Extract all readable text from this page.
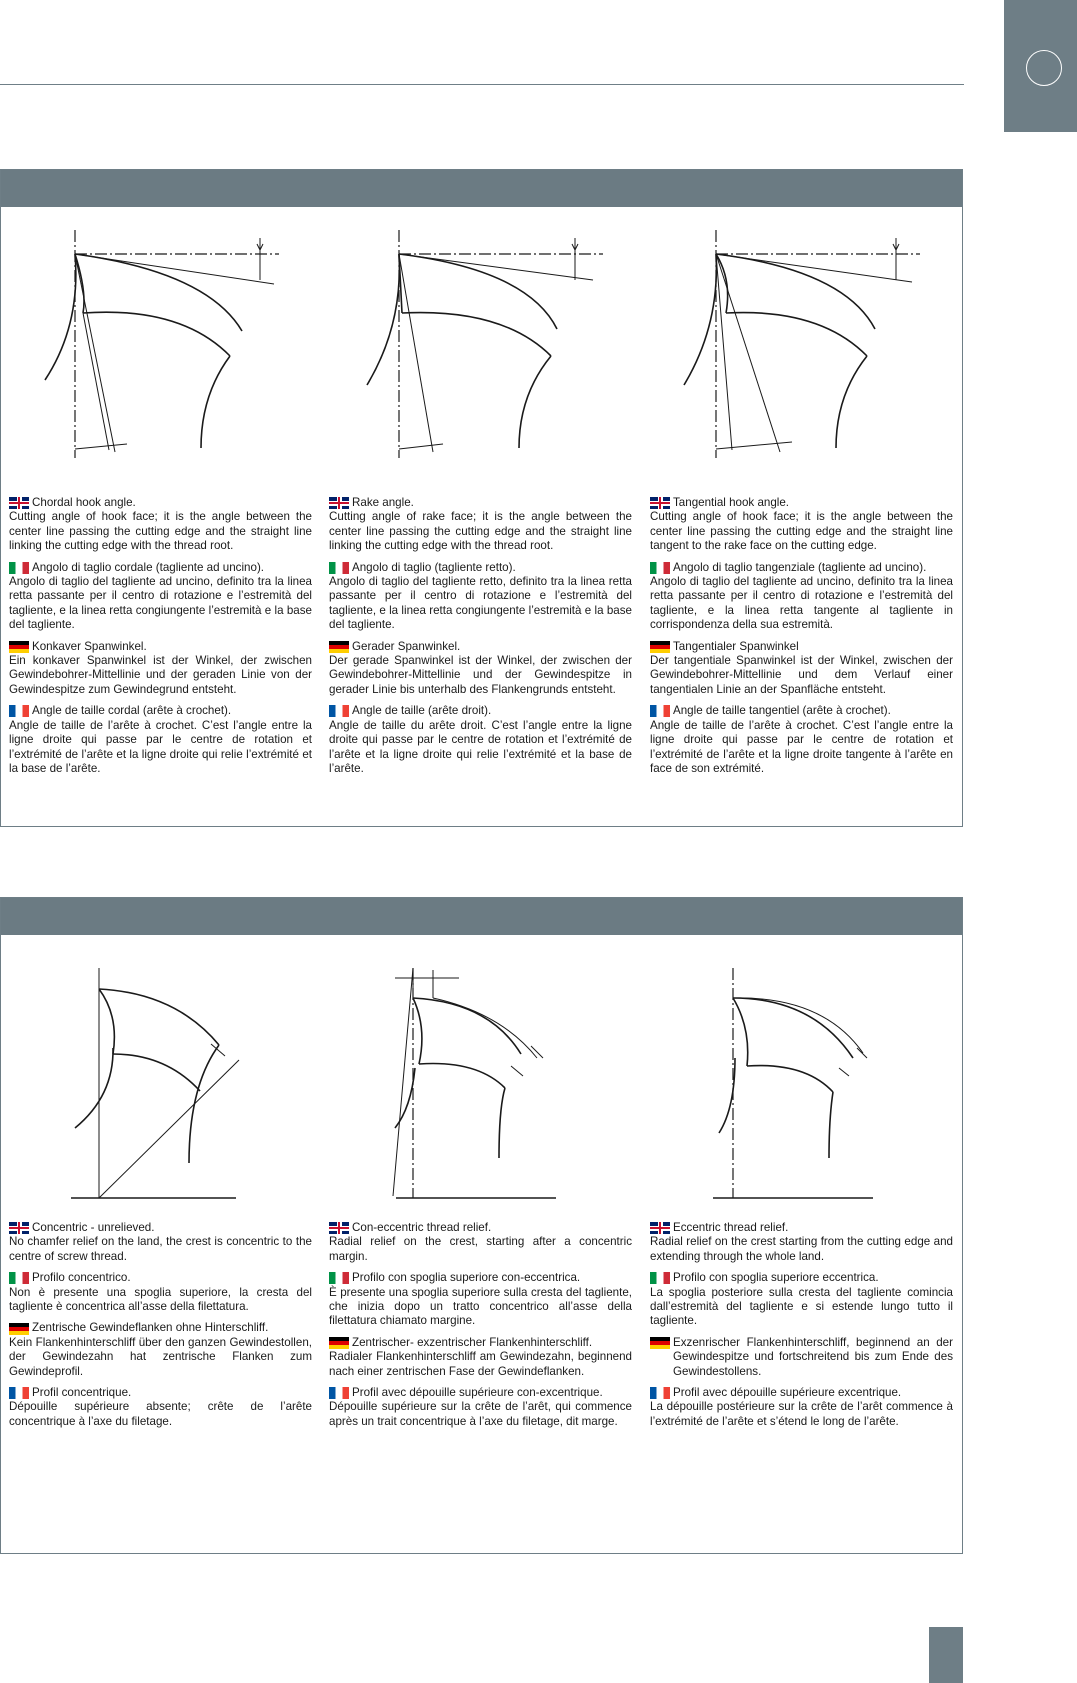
Chordal hook angle.
Cutting angle of hook face; it is the angle between the center line passing the cutting edge and the straight line linking the cutting edge with the thread root.
Angolo di taglio cordale (tagliente ad uncino).
Angolo di taglio del tagliente ad uncino, definito tra la linea retta passante per il centro di rotazione e l’estremità del tagliente, e la linea retta congiungente l’estremità e la base del tagliente.
Konkaver Spanwinkel.
Ein konkaver Spanwinkel ist der Winkel, der zwischen Gewindebohrer-Mittellinie und der geraden Linie von der Gewindespitze zum Gewindegrund entsteht.
Angle de taille cordal (arête à crochet).
Angle de taille de l’arête à crochet. C’est l’angle entre la ligne droite qui passe par le centre de rotation et l’extrémité de l’arête et la ligne droite qui relie l’extrémité et la base de l’arête.
Rake angle.
Cutting angle of rake face; it is the angle between the center line passing the cutting edge and the straight line linking the cutting edge with the thread root.
Angolo di taglio (tagliente retto).
Angolo di taglio del tagliente retto, definito tra la linea retta passante per il centro di rotazione e l’estremità del tagliente, e la linea retta congiungente l’estremità e la base del tagliente.
Gerader Spanwinkel.
Der gerade Spanwinkel ist der Winkel, der zwischen der Gewindebohrer-Mittellinie und der Gewindespitze in gerader Linie bis unterhalb des Flankengrunds entsteht.
Angle de taille (arête droit).
Angle de taille du arête droit. C’est l’angle entre la ligne droite qui passe par le centre de rotation et l’extrémité de l’arête et la ligne droite qui relie l’extrémité et la base de l’arête.
Tangential hook angle.
Cutting angle of hook face; it is the angle between the center line passing the cutting edge and the straight line tangent to the rake face on the cutting edge.
Angolo di taglio tangenziale (tagliente ad uncino).
Angolo di taglio del tagliente ad uncino, definito tra la linea retta passante per il centro di rotazione e l’estremità del tagliente, e la linea retta tangente al tagliente in corrispondenza della sua estremità.
Tangentialer Spanwinkel
Der tangentiale Spanwinkel ist der Winkel, zwischen der Gewindebohrer-Mittellinie und dem Verlauf einer tangentialen Linie an der Spanfläche entsteht.
Angle de taille tangentiel (arête à crochet).
Angle de taille de l’arête à crochet. C’est l’angle entre la ligne droite qui passe par le centre de rotation et l’extrémité de l’arête et la ligne droite tangente à l’arête en face de son extrémité.
Concentric - unrelieved.
No chamfer relief on the land, the crest is concentric to the centre of screw thread.
Profilo concentrico.
Non è presente una spoglia superiore, la cresta del tagliente è concentrica all’asse della filettatura.
Zentrische Gewindeflanken ohne Hinterschliff.
Kein Flankenhinterschliff über den ganzen Gewindestollen, der Gewindezahn hat zentrische Flanken zum Gewindeprofil.
Profil concentrique.
Dépouille supérieure absente; crête de l’arête concentrique à l’axe du filetage.
Con-eccentric thread relief.
Radial relief on the crest, starting after a concentric margin.
Profilo con spoglia superiore con-eccentrica.
È presente una spoglia superiore sulla cresta del tagliente, che inizia dopo un tratto concentrico all’asse della filettatura chiamato margine.
Zentrischer- exzentrischer Flankenhinterschliff.
Radialer Flankenhinterschliff am Gewindezahn, beginnend nach einer zentrischen Fase der Gewindeflanken.
Profil avec dépouille supérieure con-excentrique.
Dépouille supérieure sur la crête de l’arêt, qui commence après un trait concentrique à l’axe du filetage, dit marge.
Eccentric thread relief.
Radial relief on the crest starting from the cutting edge and extending through the whole land.
Profilo con spoglia superiore eccentrica.
La spoglia posteriore sulla cresta del tagliente comincia dall’estremità del tagliente e si estende lungo tutto il tagliente.
Exzenrischer Flankenhinterschliff, beginnend an der Gewindespitze und fortschreitend bis zum Ende des Gewindestollens.
Profil avec dépouille supérieure excentrique.
La dépouille postérieure sur la crête de l’arêt commence à l’extrémité de l’arête et s’étend le long de l’arête.
